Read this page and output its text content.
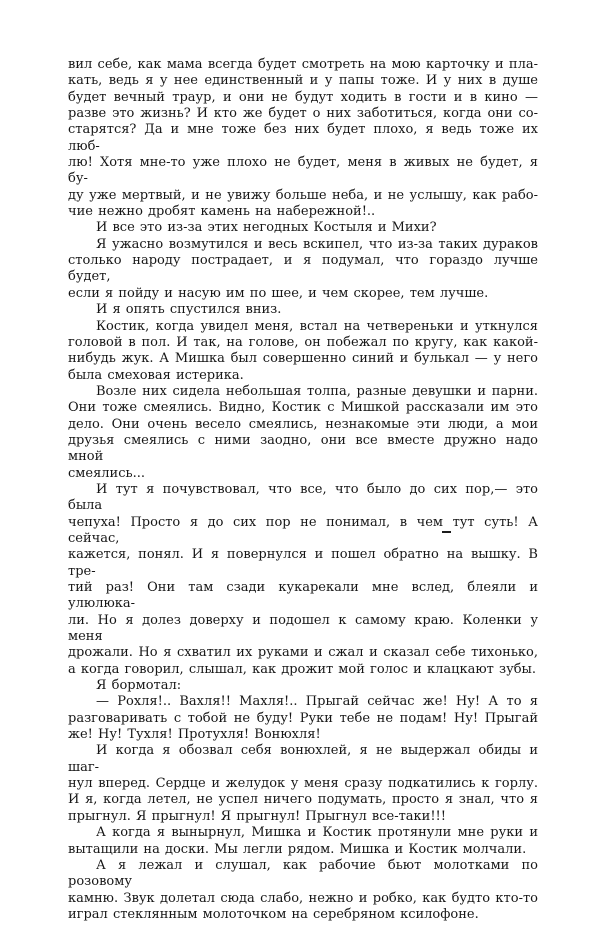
вил себе, как мама всегда будет смотреть на мою карточку и пла-
кать, ведь я у нее единственный и у папы тоже. И у них в душе
будет вечный траур, и они не будут ходить в гости и в кино —
разве это жизнь? И кто же будет о них заботиться, когда они со-
старятся? Да и мне тоже без них будет плохо, я ведь тоже их люб-
лю! Хотя мне-то уже плохо не будет, меня в живых не будет, я бу-
ду уже мертвый, и не увижу больше неба, и не услышу, как рабо-
чие нежно дробят камень на набережной!..
И все это из-за этих негодных Костыля и Михи?
Я ужасно возмутился и весь вскипел, что из-за таких дураков
столько народу пострадает, и я подумал, что гораздо лучше будет,
если я пойду и насую им по шее, и чем скорее, тем лучше.
И я опять спустился вниз.
Костик, когда увидел меня, встал на четвереньки и уткнулся
головой в пол. И так, на голове, он побежал по кругу, как какой-
нибудь жук. А Мишка был совершенно синий и булькал — у него
была смеховая истерика.
Возле них сидела небольшая толпа, разные девушки и парни.
Они тоже смеялись. Видно, Костик с Мишкой рассказали им это
дело. Они очень весело смеялись, незнакомые эти люди, а мои
друзья смеялись с ними заодно, они все вместе дружно надо мной
смеялись...
И тут я почувствовал, что все, что было до сих пор,— это была
чепуха! Просто я до сих пор не понимал, в чем тут суть! А сейчас,
кажется, понял. И я повернулся и пошел обратно на вышку. В тре-
тий раз! Они там сзади кукарекали мне вслед, блеяли и улюлюка-
ли. Но я долез доверху и подошел к самому краю. Коленки у меня
дрожали. Но я схватил их руками и сжал и сказал себе тихонько,
а когда говорил, слышал, как дрожит мой голос и клацкают зубы.
Я бормотал:
— Рохля!.. Вахля!! Махля!.. Прыгай сейчас же! Ну! А то я
разговаривать с тобой не буду! Руки тебе не подам! Ну! Прыгай
же! Ну! Тухля! Протухля! Вонюхля!
И когда я обозвал себя вонюхлей, я не выдержал обиды и шаг-
нул вперед. Сердце и желудок у меня сразу подкатились к горлу.
И я, когда летел, не успел ничего подумать, просто я знал, что я
прыгнул. Я прыгнул! Я прыгнул! Прыгнул все-таки!!!
А когда я вынырнул, Мишка и Костик протянули мне руки и
вытащили на доски. Мы легли рядом. Мишка и Костик молчали.
А я лежал и слушал, как рабочие бьют молотками по розовому
камню. Звук долетал сюда слабо, нежно и робко, как будто кто-то
играл стеклянным молоточком на серебряном ксилофоне.
